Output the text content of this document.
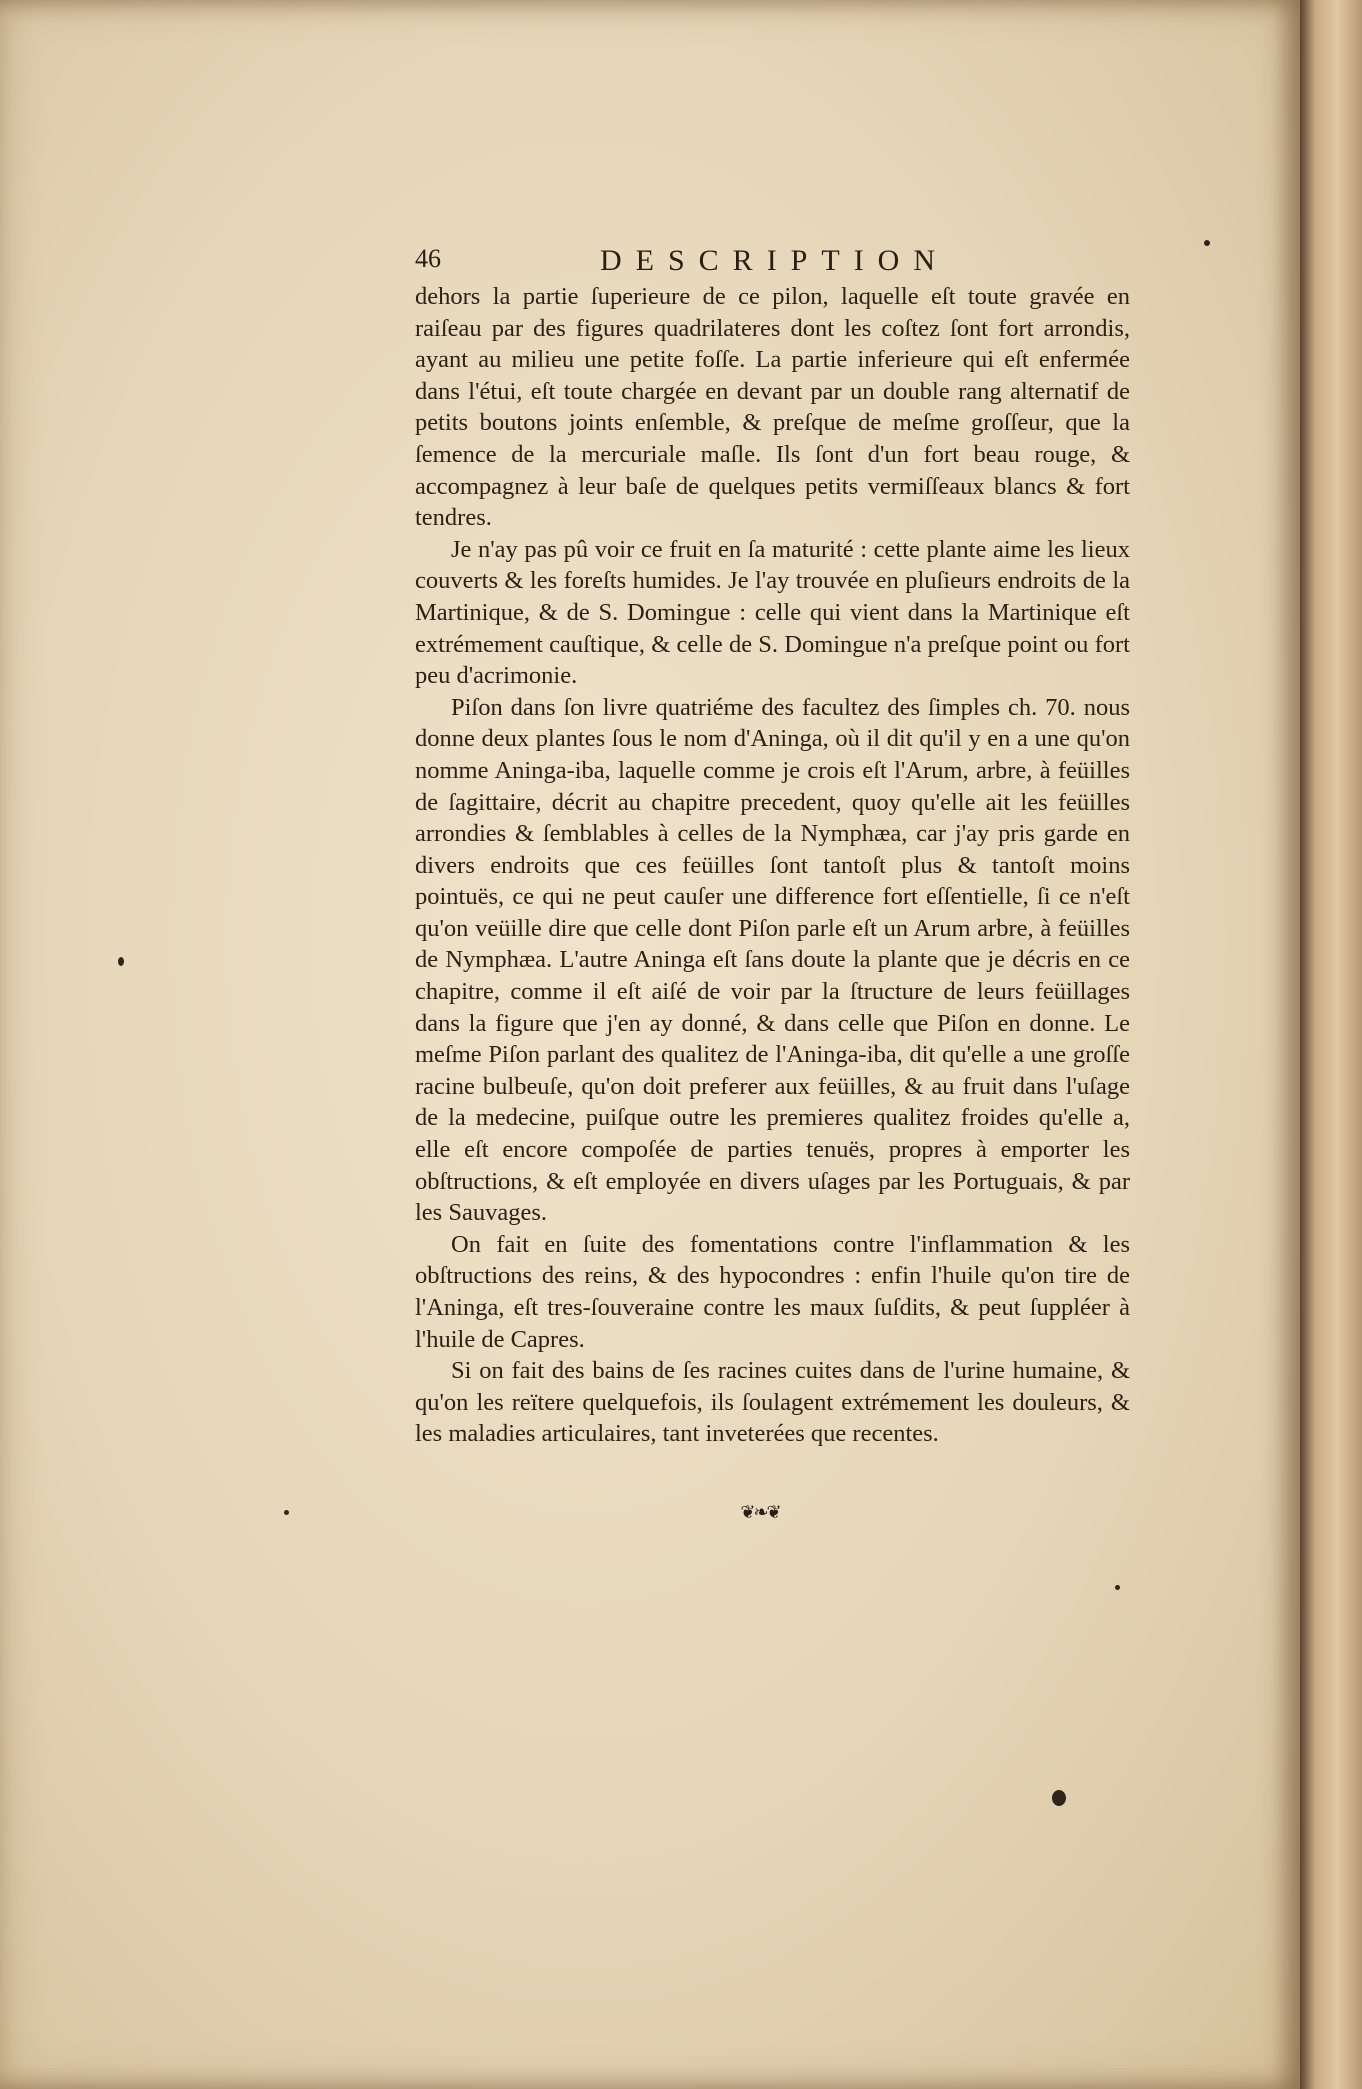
46	DESCRIPTION

dehors la partie ſuperieure de ce pilon, laquelle eſt toute gravée en raiſeau par des figures quadrilateres dont les coſtez ſont fort arrondis, ayant au milieu une petite foſſe. La partie inferieure qui eſt enfermée dans l'étui, eſt toute chargée en devant par un double rang alternatif de petits boutons joints enſemble, & preſque de meſme groſſeur, que la ſemence de la mercuriale maſle. Ils ſont d'un fort beau rouge, & accompagnez à leur baſe de quelques petits vermiſſeaux blancs & fort tendres.

Je n'ay pas pû voir ce fruit en ſa maturité : cette plante aime les lieux couverts & les foreſts humides. Je l'ay trouvée en pluſieurs endroits de la Martinique, & de S. Domingue : celle qui vient dans la Martinique eſt extrémement cauſtique, & celle de S. Domingue n'a preſque point ou fort peu d'acrimonie.

Piſon dans ſon livre quatriéme des facultez des ſimples ch. 70. nous donne deux plantes ſous le nom d'Aninga, où il dit qu'il y en a une qu'on nomme Aninga-iba, laquelle comme je crois eſt l'Arum, arbre, à feüilles de ſagittaire, décrit au chapitre precedent, quoy qu'elle ait les feüilles arrondies & ſemblables à celles de la Nymphæa, car j'ay pris garde en divers endroits que ces feüilles ſont tantoſt plus & tantoſt moins pointuës, ce qui ne peut cauſer une difference fort eſſentielle, ſi ce n'eſt qu'on veüille dire que celle dont Piſon parle eſt un Arum arbre, à feüilles de Nymphæa. L'autre Aninga eſt ſans doute la plante que je décris en ce chapitre, comme il eſt aiſé de voir par la ſtructure de leurs feüillages dans la figure que j'en ay donné, & dans celle que Piſon en donne. Le meſme Piſon parlant des qualitez de l'Aninga-iba, dit qu'elle a une groſſe racine bulbeuſe, qu'on doit preferer aux feüilles, & au fruit dans l'uſage de la medecine, puiſque outre les premieres qualitez froides qu'elle a, elle eſt encore compoſée de parties tenuës, propres à emporter les obſtructions, & eſt employée en divers uſages par les Portuguais, & par les Sauvages.

On fait en ſuite des fomentations contre l'inflammation & les obſtructions des reins, & des hypocondres : enfin l'huile qu'on tire de l'Aninga, eſt tres-ſouveraine contre les maux ſuſdits, & peut ſuppléer à l'huile de Capres.

Si on fait des bains de ſes racines cuites dans de l'urine humaine, & qu'on les reïtere quelquefois, ils ſoulagent extrémement les douleurs, & les maladies articulaires, tant inveterées que recentes.

❦❧❦
